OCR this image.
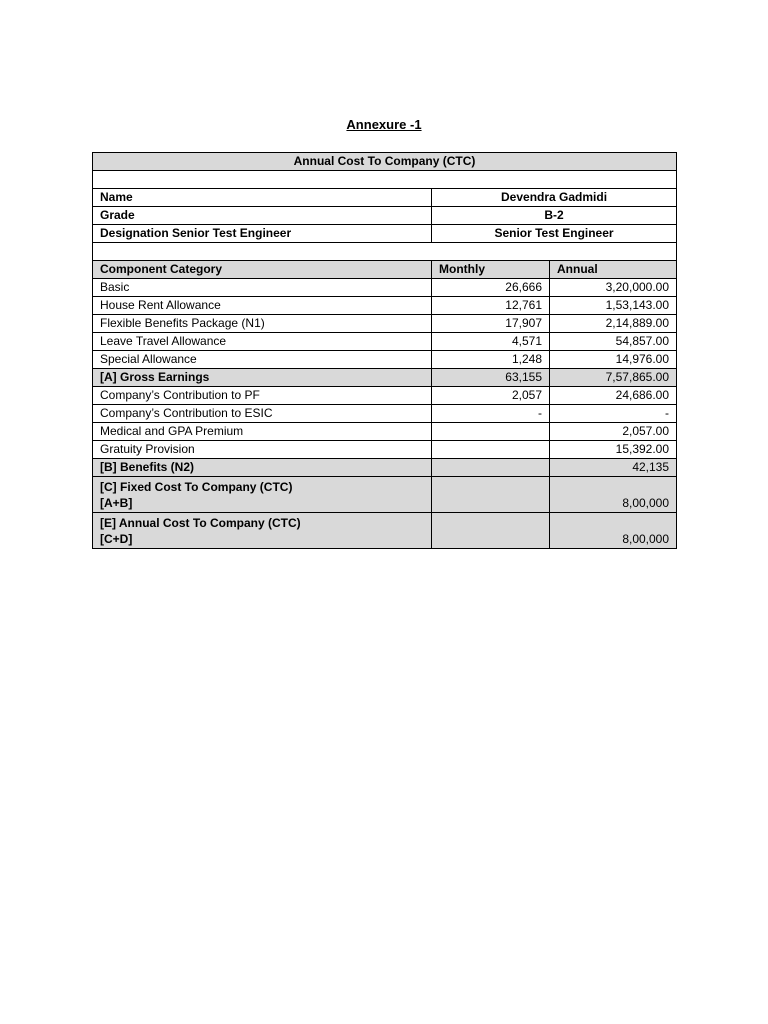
Annexure -1
Annual Cost To Company (CTC)		

Name	Devendra Gadmidi	
Grade	B-2	
Designation Senior Test Engineer	Senior Test Engineer	

Component Category	Monthly	Annual
Basic	26,666	3,20,000.00
House Rent Allowance	12,761	1,53,143.00
Flexible Benefits Package (N1)	17,907	2,14,889.00
Leave Travel Allowance	4,571	54,857.00
Special Allowance	1,248	14,976.00
[A] Gross Earnings	63,155	7,57,865.00
Company’s Contribution to PF	2,057	24,686.00
Company’s Contribution to ESIC	-	-
Medical and GPA Premium		2,057.00
Gratuity Provision		15,392.00
[B] Benefits (N2)		42,135

[C] Fixed Cost To Company (CTC)
[A+B]		8,00,000

[E] Annual Cost To Company (CTC)
[C+D]		8,00,000
